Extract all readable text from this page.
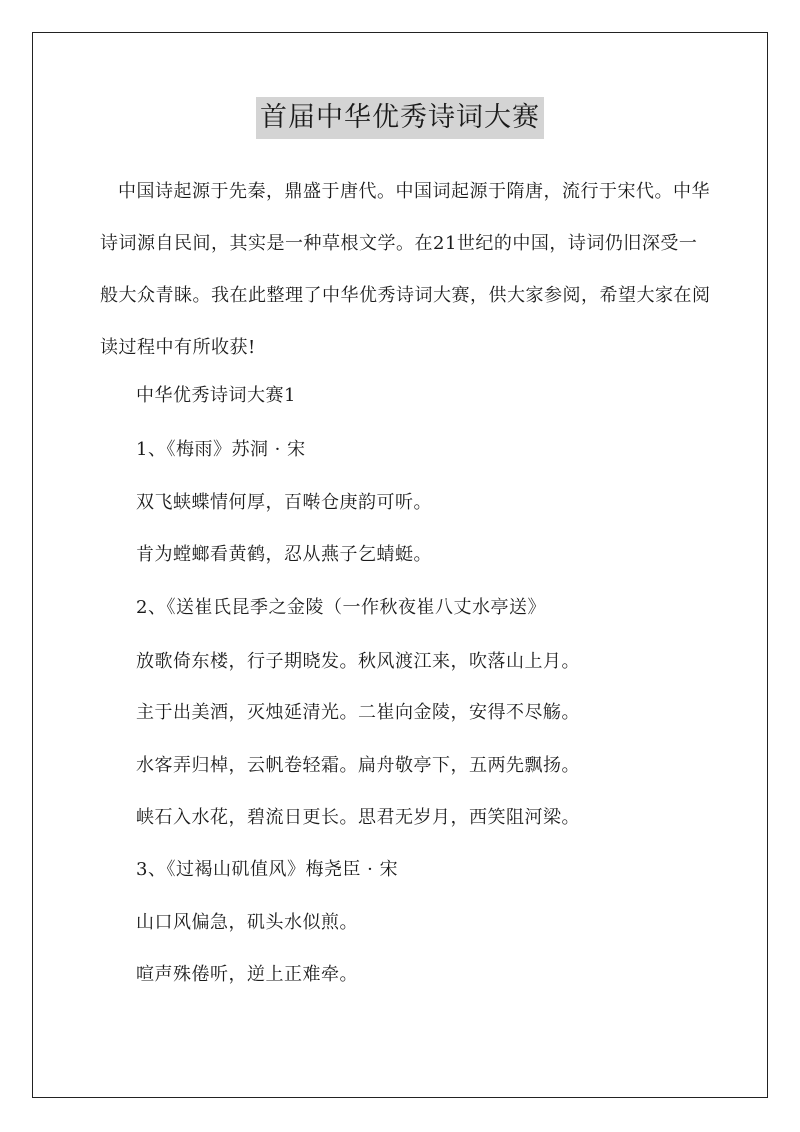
首届中华优秀诗词大赛

中国诗起源于先秦，鼎盛于唐代。中国词起源于隋唐，流行于宋代。中华诗词源自民间，其实是一种草根文学。在21世纪的中国，诗词仍旧深受一般大众青睐。我在此整理了中华优秀诗词大赛，供大家参阅，希望大家在阅读过程中有所收获!

中华优秀诗词大赛1
1、《梅雨》苏洞 · 宋
双飞蛱蝶情何厚，百啭仓庚韵可听。
肯为螳螂看黄鹤，忍从燕子乞蜻蜓。
2、《送崔氏昆季之金陵（一作秋夜崔八丈水亭送》
放歌倚东楼，行子期晓发。秋风渡江来，吹落山上月。
主于出美酒，灭烛延清光。二崔向金陵，安得不尽觞。
水客弄归棹，云帆卷轻霜。扁舟敬亭下，五两先飘扬。
峡石入水花，碧流日更长。思君无岁月，西笑阻河梁。
3、《过褐山矶值风》梅尧臣 · 宋
山口风偏急，矶头水似煎。
喧声殊倦听，逆上正难牵。
